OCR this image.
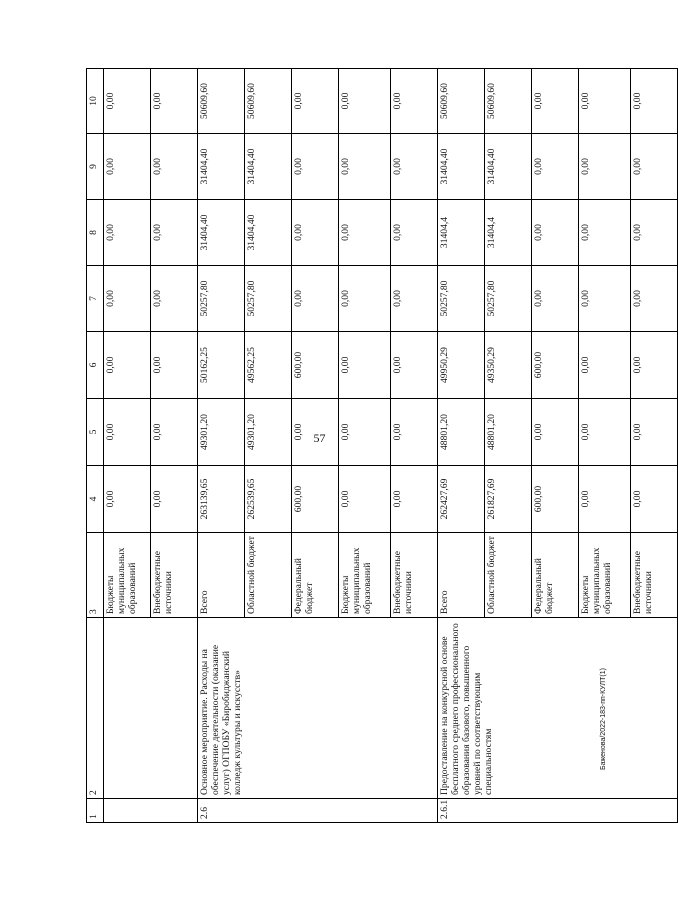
57
Баженова/2022-183-пп-КУЛТ(1)
1	2	3	4	5	6	7	8	9	10
		Бюджеты муниципальных образований	0,00	0,00	0,00	0,00	0,00	0,00	0,00
		Внебюджетные источники	0,00	0,00	0,00	0,00	0,00	0,00	0,00
2.6	Основное мероприятие. Расходы на обеспечение деятельности (оказание услуг) ОГПОБУ «Биробиджанский колледж культуры и искусств»	Всего	263139,65	49301,20	50162,25	50257,80	31404,40	31404,40	50609,60
		Областной бюджет	262539,65	49301,20	49562,25	50257,80	31404,40	31404,40	50609,60
		Федеральный бюджет	600,00	0,00	600,00	0,00	0,00	0,00	0,00
		Бюджеты муниципальных образований	0,00	0,00	0,00	0,00	0,00	0,00	0,00
		Внебюджетные источники	0,00	0,00	0,00	0,00	0,00	0,00	0,00
2.6.1	Предоставление на конкурсной основе бесплатного среднего профессионального образования базового, повышенного уровней по соответствующим специальностям	Всего	262427,69	48801,20	49950,29	50257,80	31404,4	31404,40	50609,60
		Областной бюджет	261827,69	48801,20	49350,29	50257,80	31404,4	31404,40	50609,60
		Федеральный бюджет	600,00	0,00	600,00	0,00	0,00	0,00	0,00
		Бюджеты муниципальных образований	0,00	0,00	0,00	0,00	0,00	0,00	0,00
		Внебюджетные источники	0,00	0,00	0,00	0,00	0,00	0,00	0,00
